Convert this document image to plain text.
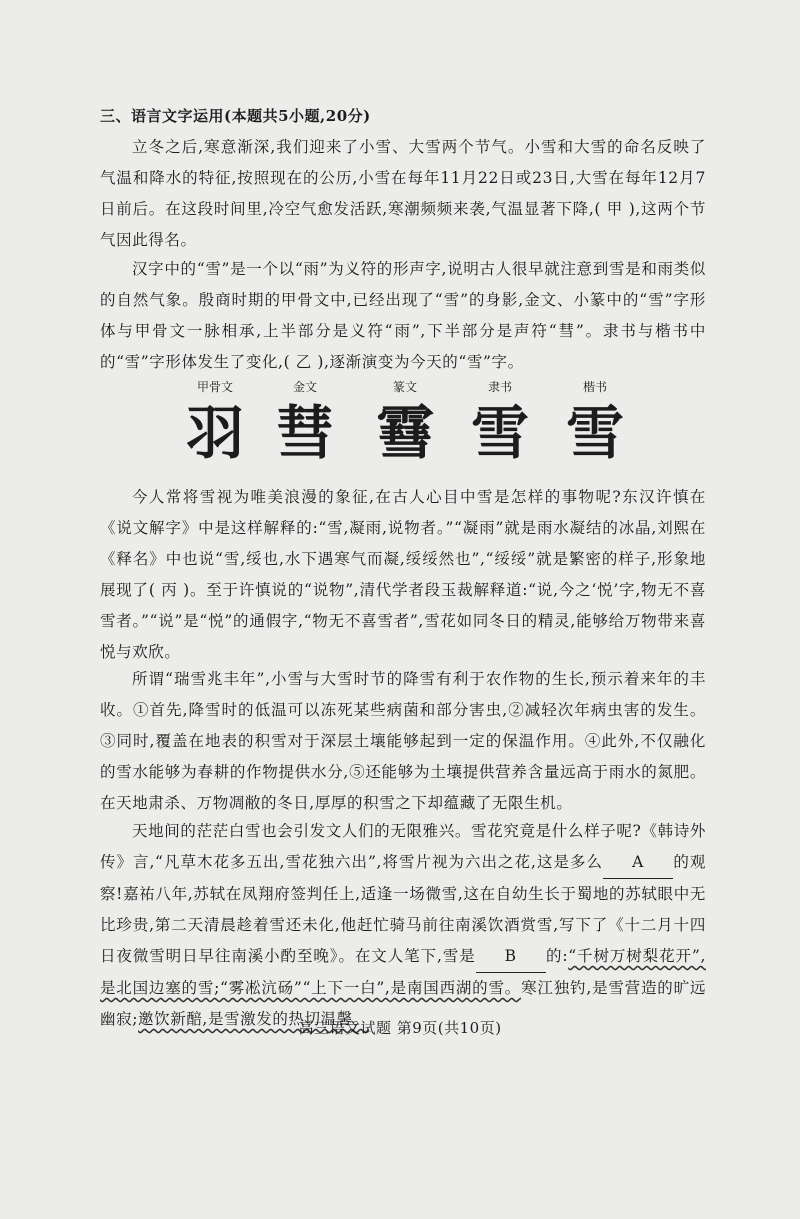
三、语言文字运用(本题共5小题,20分)

立冬之后,寒意渐深,我们迎来了小雪、大雪两个节气。小雪和大雪的命名反映了气温和降水的特征,按照现在的公历,小雪在每年11月22日或23日,大雪在每年12月7日前后。在这段时间里,冷空气愈发活跃,寒潮频频来袭,气温显著下降,( 甲 ),这两个节气因此得名。

汉字中的“雪”是一个以“雨”为义符的形声字,说明古人很早就注意到雪是和雨类似的自然气象。殷商时期的甲骨文中,已经出现了“雪”的身影,金文、小篆中的“雪”字形体与甲骨文一脉相承,上半部分是义符“雨”,下半部分是声符“彗”。隶书与楷书中的“雪”字形体发生了变化,( 乙 ),逐渐演变为今天的“雪”字。

甲骨文
羽
金文
彗
篆文
䨮
隶书
雪
楷书
雪

今人常将雪视为唯美浪漫的象征,在古人心目中雪是怎样的事物呢?东汉许慎在《说文解字》中是这样解释的:“雪,凝雨,说物者。”“凝雨”就是雨水凝结的冰晶,刘熙在《释名》中也说“雪,绥也,水下遇寒气而凝,绥绥然也”,“绥绥”就是繁密的样子,形象地展现了( 丙 )。至于许慎说的“说物”,清代学者段玉裁解释道:“说,今之‘悦’字,物无不喜雪者。”“说”是“悦”的通假字,“物无不喜雪者”,雪花如同冬日的精灵,能够给万物带来喜悦与欢欣。

所谓“瑞雪兆丰年”,小雪与大雪时节的降雪有利于农作物的生长,预示着来年的丰收。①首先,降雪时的低温可以冻死某些病菌和部分害虫,②减轻次年病虫害的发生。③同时,覆盖在地表的积雪对于深层土壤能够起到一定的保温作用。④此外,不仅融化的雪水能够为春耕的作物提供水分,⑤还能够为土壤提供营养含量远高于雨水的氮肥。在天地肃杀、万物凋敝的冬日,厚厚的积雪之下却蕴藏了无限生机。

天地间的茫茫白雪也会引发文人们的无限雅兴。雪花究竟是什么样子呢?《韩诗外传》言,“凡草木花多五出,雪花独六出”,将雪片视为六出之花,这是多么 A 的观察!嘉祐八年,苏轼在凤翔府签判任上,适逢一场微雪,这在自幼生长于蜀地的苏轼眼中无比珍贵,第二天清晨趁着雪还未化,他赶忙骑马前往南溪饮酒赏雪,写下了《十二月十四日夜微雪明日早往南溪小酌至晚》。在文人笔下,雪是 B 的:“千树万树梨花开”,是北国边塞的雪;“雾凇沆砀”“上下一白”,是南国西湖的雪。寒江独钓,是雪营造的旷远幽寂;邀饮新醅,是雪激发的热切温馨。

高三语文试题 第9页(共10页)
